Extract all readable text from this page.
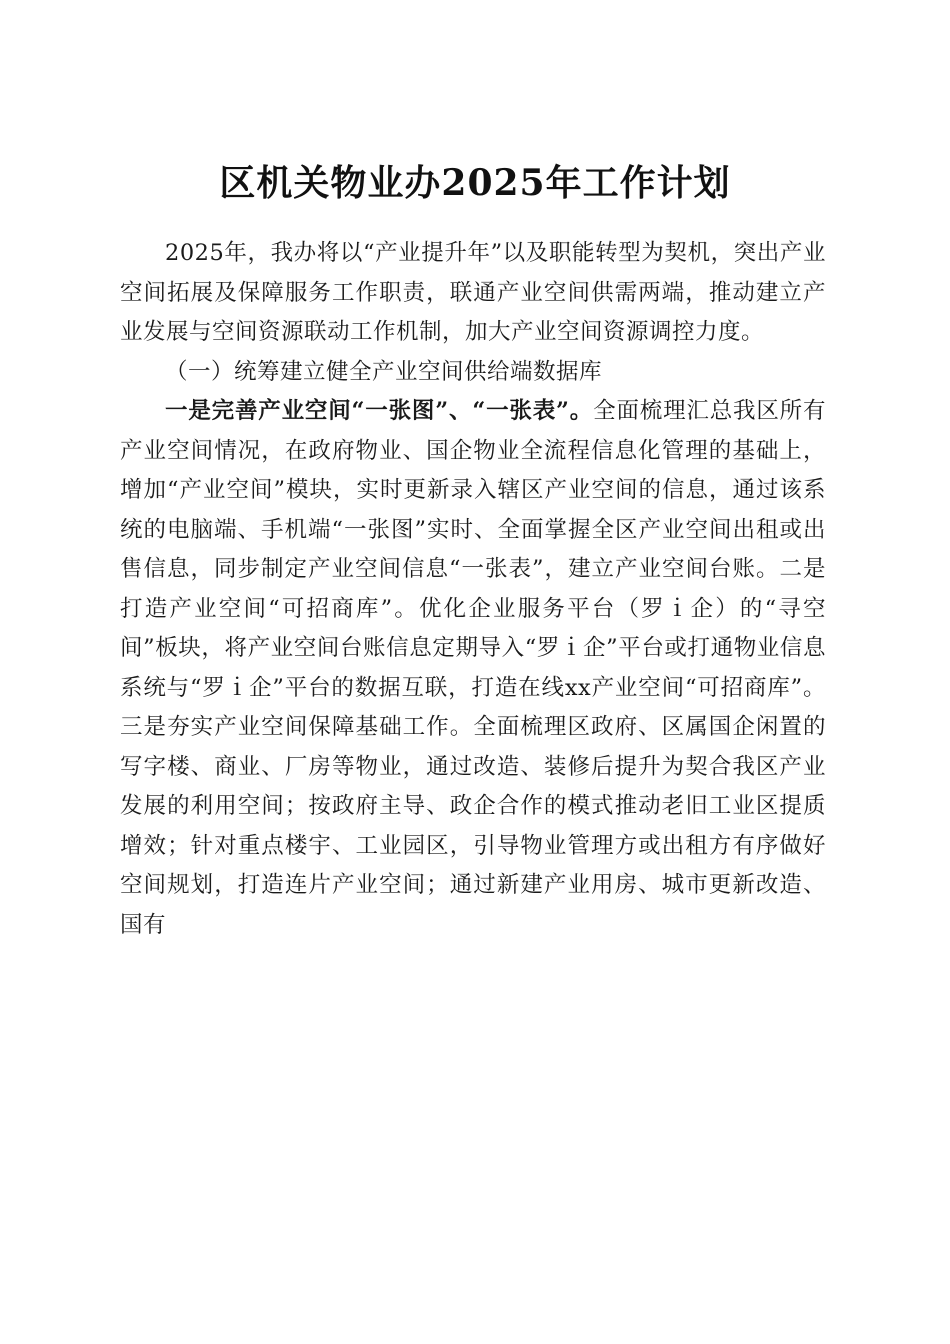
区机关物业办2025年工作计划

2025年，我办将以“产业提升年”以及职能转型为契机，突出产业空间拓展及保障服务工作职责，联通产业空间供需两端，推动建立产业发展与空间资源联动工作机制，加大产业空间资源调控力度。

（一）统筹建立健全产业空间供给端数据库

一是完善产业空间“一张图”、“一张表”。全面梳理汇总我区所有产业空间情况，在政府物业、国企物业全流程信息化管理的基础上，增加“产业空间”模块，实时更新录入辖区产业空间的信息，通过该系统的电脑端、手机端“一张图”实时、全面掌握全区产业空间出租或出售信息，同步制定产业空间信息“一张表”，建立产业空间台账。二是打造产业空间“可招商库”。优化企业服务平台（罗ｉ企）的“寻空间”板块，将产业空间台账信息定期导入“罗ｉ企”平台或打通物业信息系统与“罗ｉ企”平台的数据互联，打造在线xx产业空间“可招商库”。三是夯实产业空间保障基础工作。全面梳理区政府、区属国企闲置的写字楼、商业、厂房等物业，通过改造、装修后提升为契合我区产业发展的利用空间；按政府主导、政企合作的模式推动老旧工业区提质增效；针对重点楼宇、工业园区，引导物业管理方或出租方有序做好空间规划，打造连片产业空间；通过新建产业用房、城市更新改造、国有
